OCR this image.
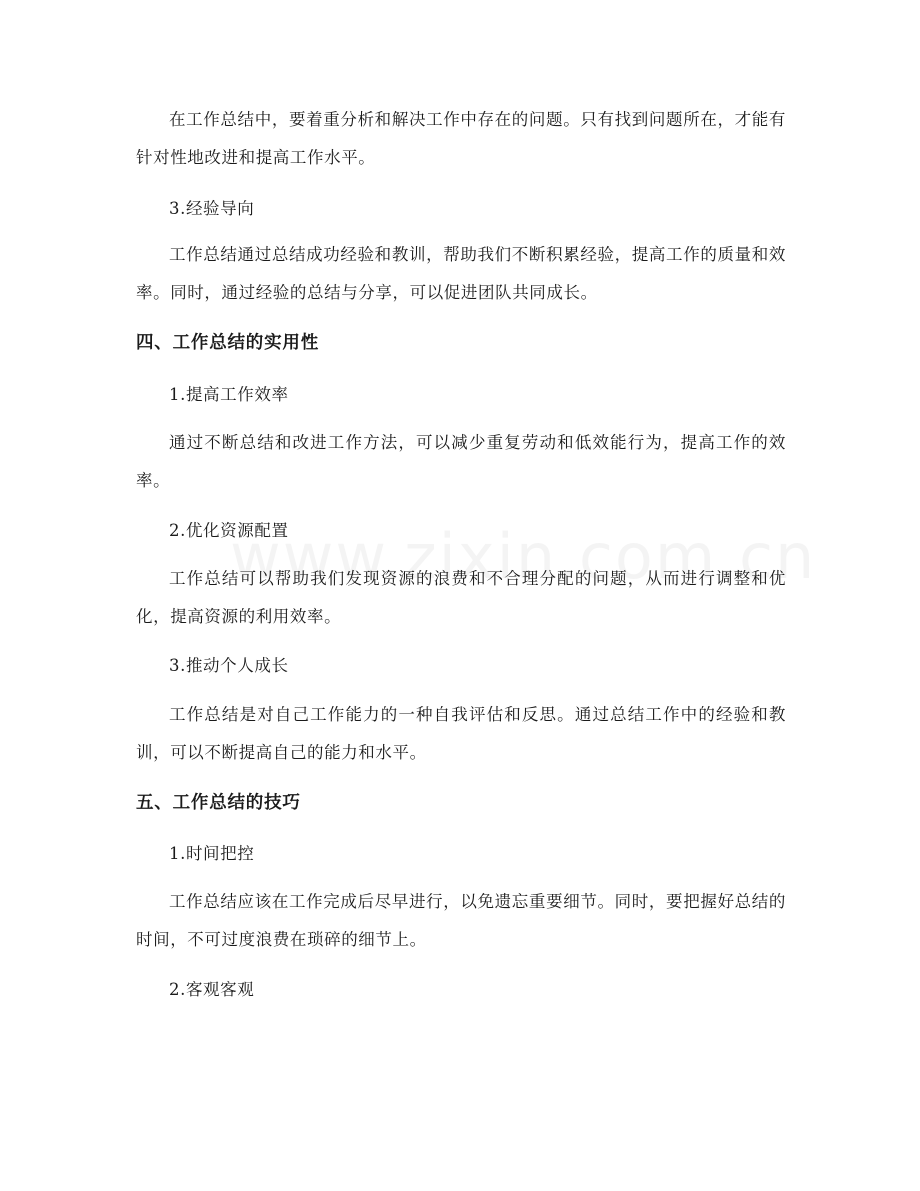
在工作总结中，要着重分析和解决工作中存在的问题。只有找到问题所在，才能有针对性地改进和提高工作水平。
3.经验导向
工作总结通过总结成功经验和教训，帮助我们不断积累经验，提高工作的质量和效率。同时，通过经验的总结与分享，可以促进团队共同成长。
四、工作总结的实用性
1.提高工作效率
通过不断总结和改进工作方法，可以减少重复劳动和低效能行为，提高工作的效率。
2.优化资源配置
工作总结可以帮助我们发现资源的浪费和不合理分配的问题，从而进行调整和优化，提高资源的利用效率。
3.推动个人成长
工作总结是对自己工作能力的一种自我评估和反思。通过总结工作中的经验和教训，可以不断提高自己的能力和水平。
五、工作总结的技巧
1.时间把控
工作总结应该在工作完成后尽早进行，以免遗忘重要细节。同时，要把握好总结的时间，不可过度浪费在琐碎的细节上。
2.客观客观
